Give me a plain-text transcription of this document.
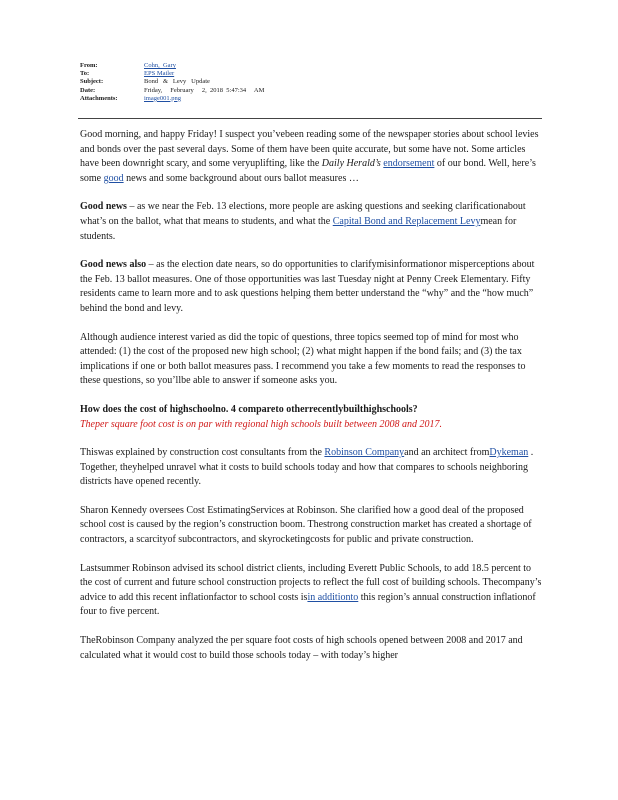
From:	Cohn,  Gary
To:	EPS Mailer
Subject:	Bond   &   Levy   Update
Date:	Friday,     February     2,  2018  5:47:34     AM
Attachments:	image001.png

Good morning, and happy Friday! I suspect you’vebeen reading some of the newspaper stories about school levies and bonds over the past several days. Some of them have been quite accurate, but some have not. Some articles have been downright scary, and some veryuplifting, like the Daily Herald’s endorsement of our bond. Well, here’s some good news and some background about ours ballot measures …

Good news – as we near the Feb. 13 elections, more people are asking questions and seeking clarificationabout what’s on the ballot, what that means to students, and what the Capital Bond and Replacement Levymean for students.

Good news also – as the election date nears, so do opportunities to clarifymisinformationor misperceptions about the Feb. 13 ballot measures. One of those opportunities was last Tuesday night at Penny Creek Elementary. Fifty residents came to learn more and to ask questions helping them better understand the “why” and the “how much” behind the bond and levy.

Although audience interest varied as did the topic of questions, three topics seemed top of mind for most who attended: (1) the cost of the proposed new high school; (2) what might happen if the bond fails; and (3) the tax implications if one or both ballot measures pass. I recommend you take a few moments to read the responses to these questions, so you’llbe able to answer if someone asks you.

How does the cost of highschoolno. 4 compareto otherrecentlybuilthighschools?
Theper square foot cost is on par with regional high schools built between 2008 and 2017.

Thiswas explained by construction cost consultants from the Robinson Companyand an architect fromDykeman . Together, theyhelped unravel what it costs to build schools today and how that compares to schools neighboring districts have opened recently.

Sharon Kennedy oversees Cost EstimatingServices at Robinson. She clarified how a good deal of the proposed school cost is caused by the region’s construction boom. Thestrong construction market has created a shortage of contractors, a scarcityof subcontractors, and skyrocketingcosts for public and private construction.

Lastsummer Robinson advised its school district clients, including Everett Public Schools, to add 18.5 percent to the cost of current and future school construction projects to reflect the full cost of building schools. Thecompany’s advice to add this recent inflationfactor to school costs isin additionto this region’s annual construction inflationof four to five percent.

TheRobinson Company analyzed the per square foot costs of high schools opened between 2008 and 2017 and calculated what it would cost to build those schools today – with today’s higher
